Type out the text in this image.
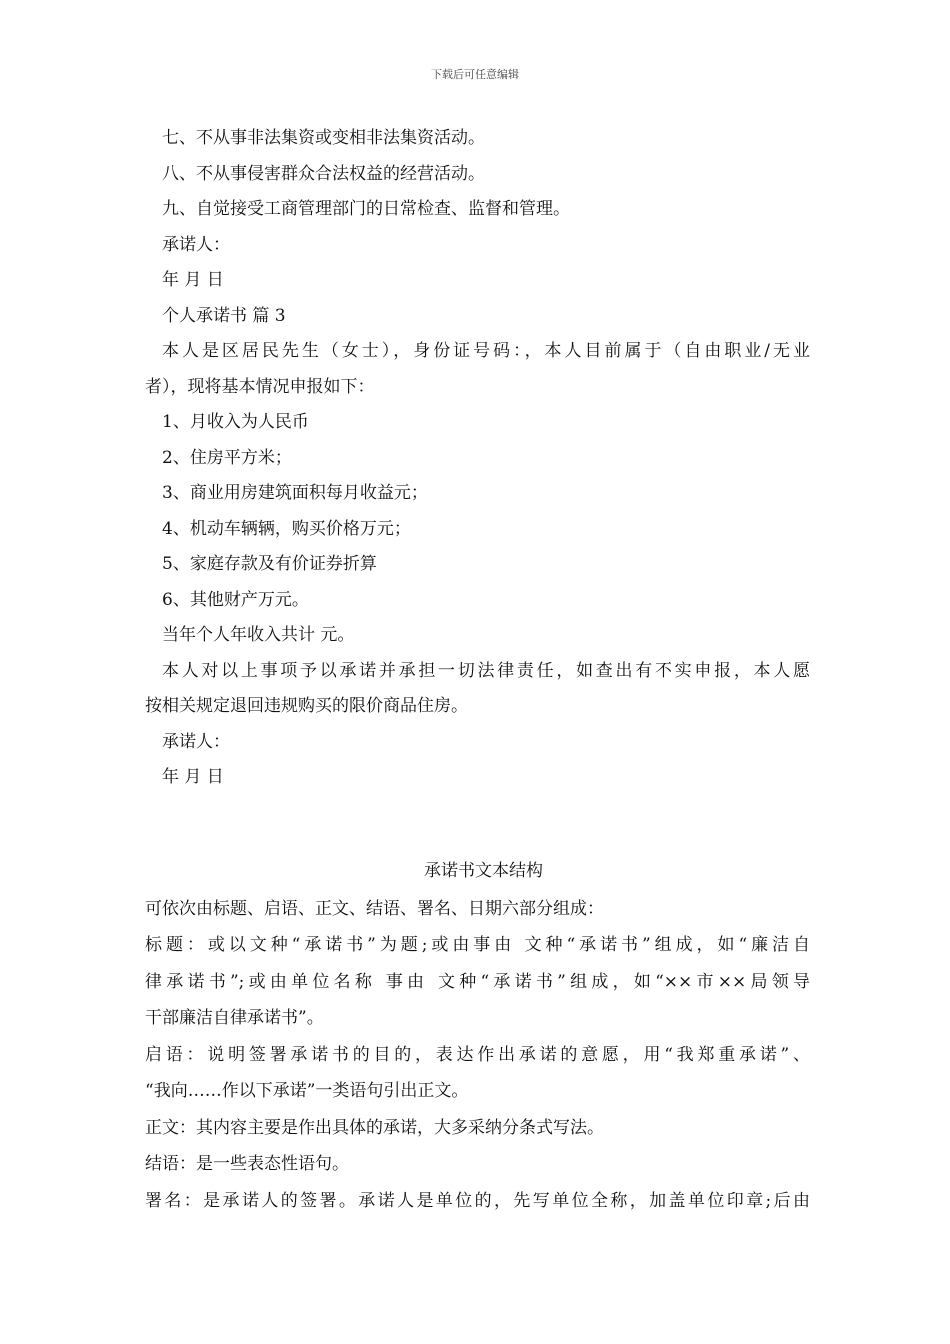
下载后可任意编辑
七、不从事非法集资或变相非法集资活动。
八、不从事侵害群众合法权益的经营活动。
九、自觉接受工商管理部门的日常检查、监督和管理。
承诺人：
年 月 日
个人承诺书 篇 3
本人是区居民先生（女士），身份证号码：，本人目前属于（自由职业/无业
者），现将基本情况申报如下：
1、月收入为人民币
2、住房平方米；
3、商业用房建筑面积每月收益元；
4、机动车辆辆，购买价格万元；
5、家庭存款及有价证券折算
6、其他财产万元。
当年个人年收入共计 元。
本人对以上事项予以承诺并承担一切法律责任，如查出有不实申报，本人愿
按相关规定退回违规购买的限价商品住房。
承诺人：
年 月 日
承诺书文本结构
可依次由标题、启语、正文、结语、署名、日期六部分组成：
标题：或以文种“承诺书”为题;或由事由 文种“承诺书”组成，如“廉洁自
律承诺书”;或由单位名称 事由 文种“承诺书”组成，如“××市××局领导
干部廉洁自律承诺书”。
启语：说明签署承诺书的目的，表达作出承诺的意愿，用“我郑重承诺”、
“我向……作以下承诺”一类语句引出正文。
正文：其内容主要是作出具体的承诺，大多采纳分条式写法。
结语：是一些表态性语句。
署名：是承诺人的签署。承诺人是单位的，先写单位全称，加盖单位印章;后由
